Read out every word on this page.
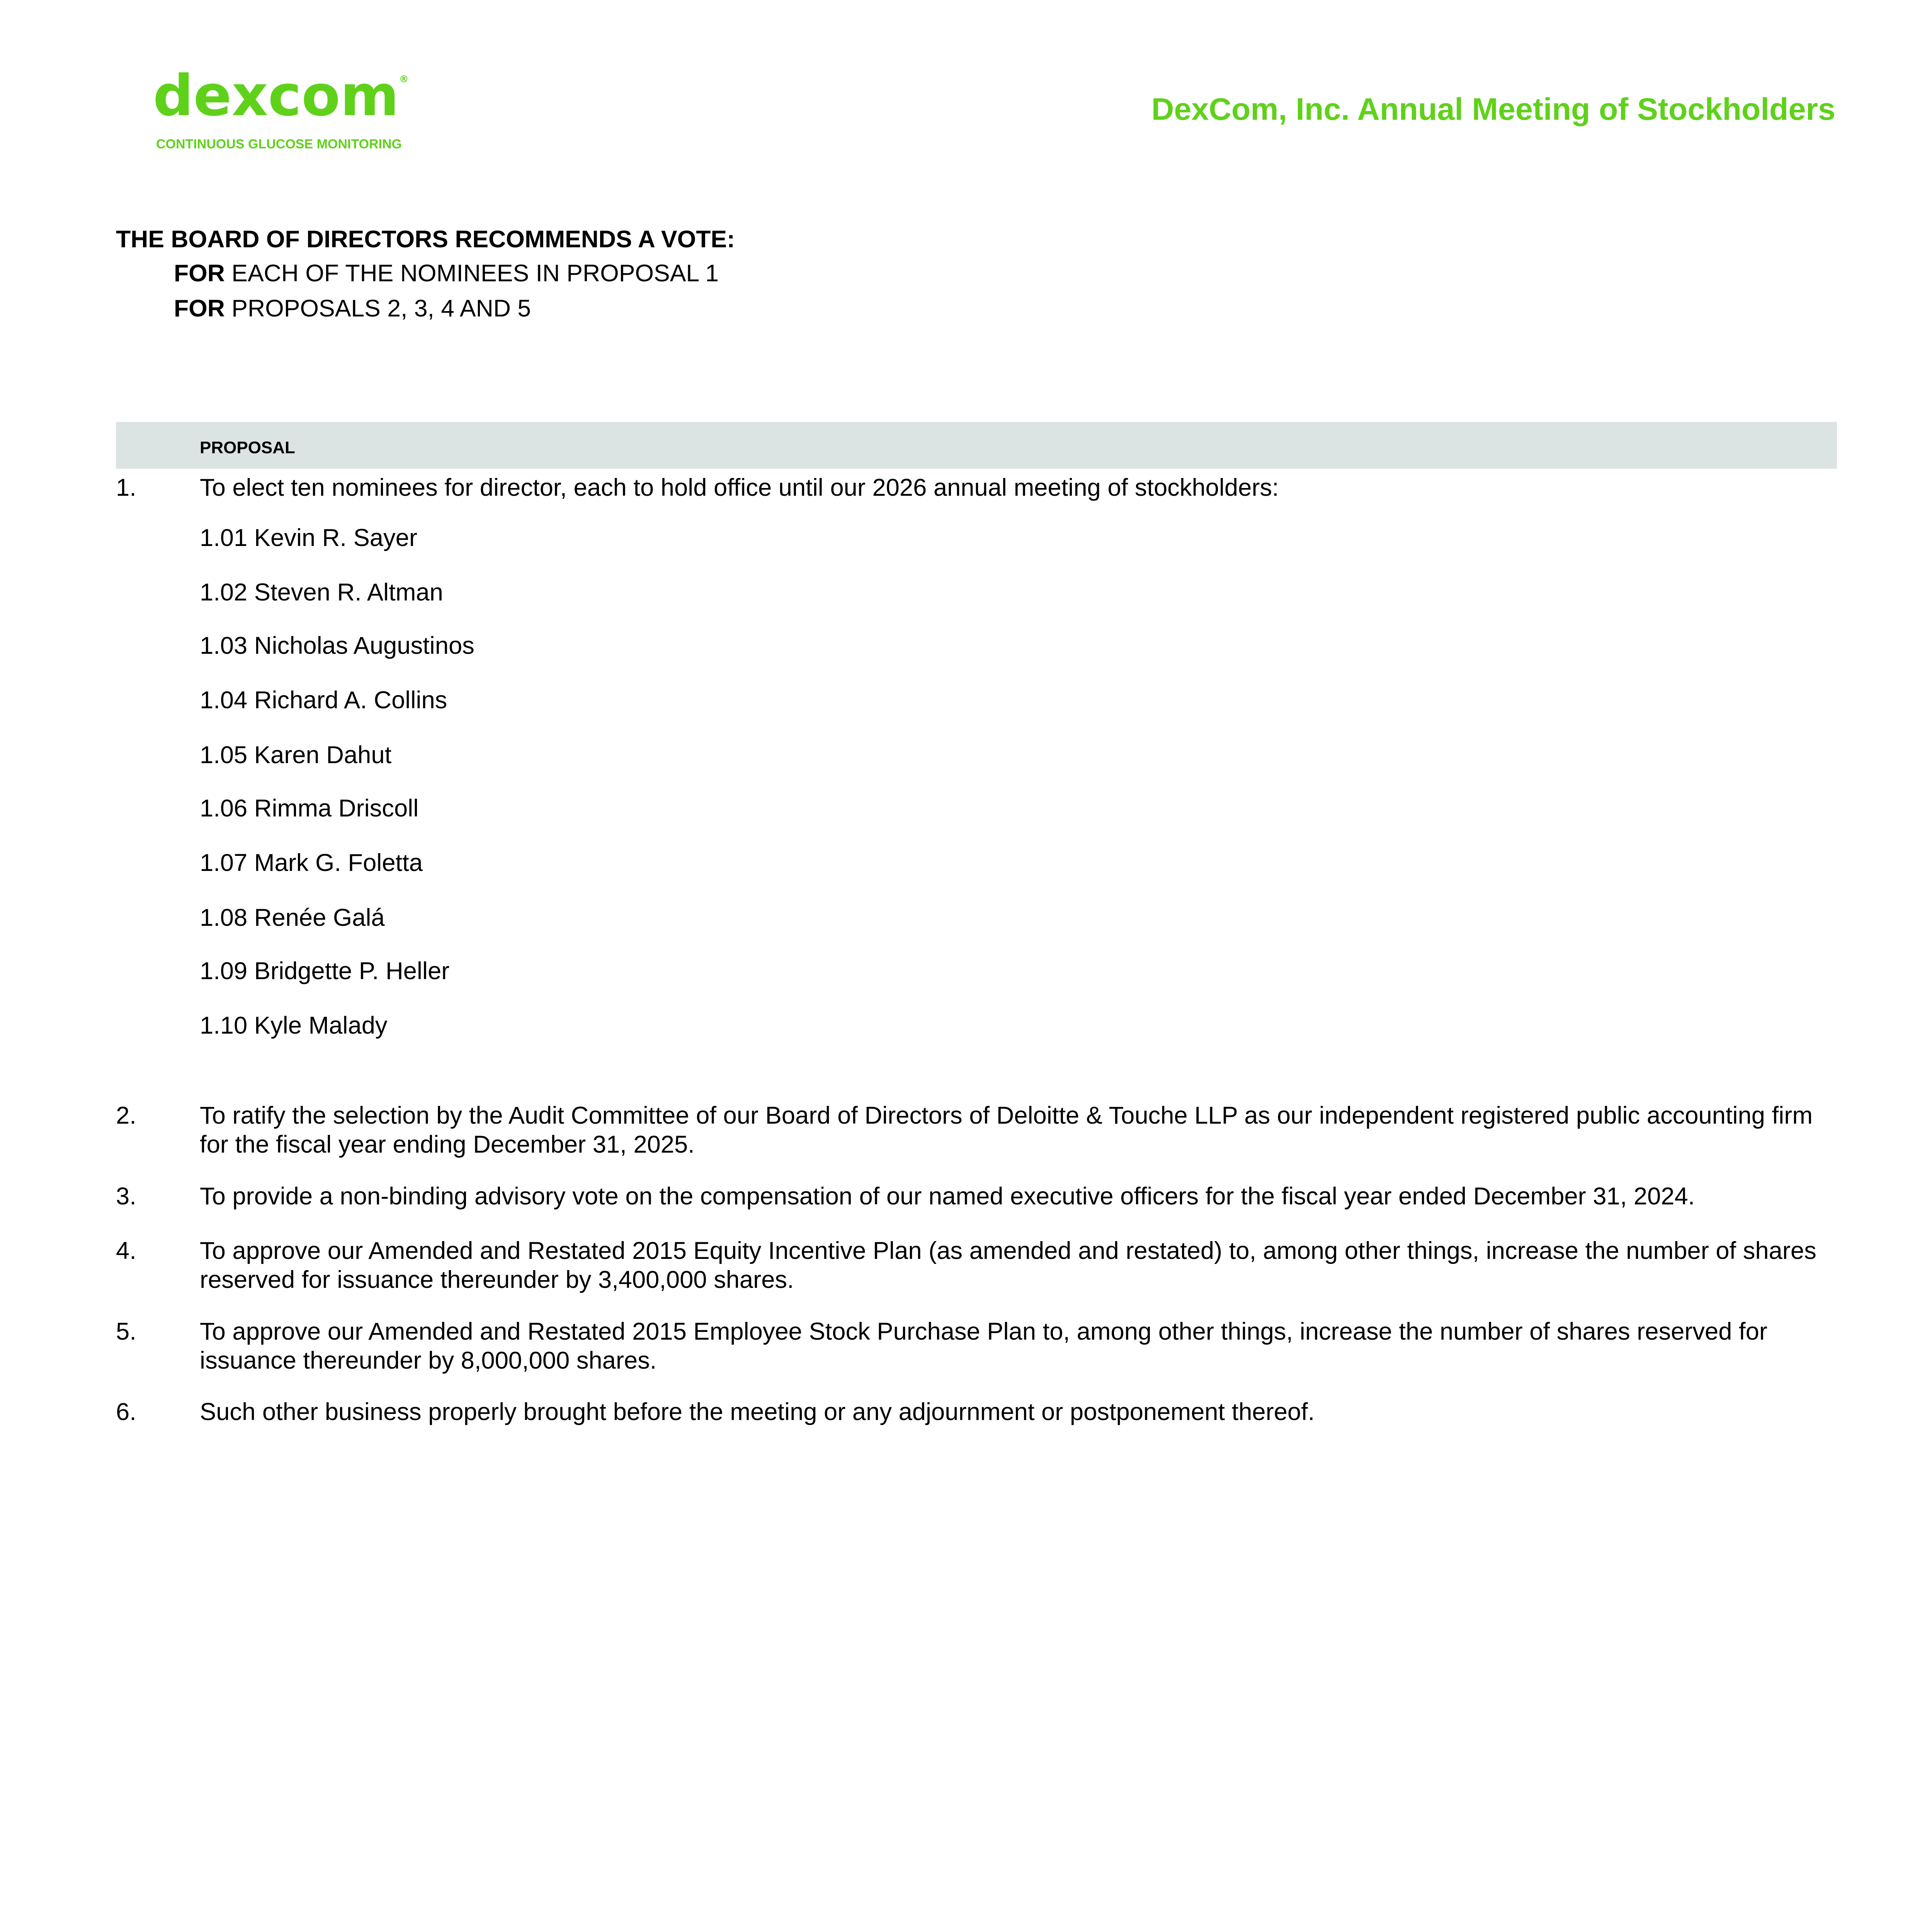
dexcom®
CONTINUOUS GLUCOSE MONITORING
DexCom, Inc. Annual Meeting of Stockholders
THE BOARD OF DIRECTORS RECOMMENDS A VOTE:
FOR EACH OF THE NOMINEES IN PROPOSAL 1
FOR PROPOSALS 2, 3, 4 AND 5
PROPOSAL
1.	To elect ten nominees for director, each to hold office until our 2026 annual meeting of stockholders:
1.01 Kevin R. Sayer
1.02 Steven R. Altman
1.03 Nicholas Augustinos
1.04 Richard A. Collins
1.05 Karen Dahut
1.06 Rimma Driscoll
1.07 Mark G. Foletta
1.08 Renée Galá
1.09 Bridgette P. Heller
1.10 Kyle Malady
2.	To ratify the selection by the Audit Committee of our Board of Directors of Deloitte & Touche LLP as our independent registered public accounting firm for the fiscal year ending December 31, 2025.
3.	To provide a non-binding advisory vote on the compensation of our named executive officers for the fiscal year ended December 31, 2024.
4.	To approve our Amended and Restated 2015 Equity Incentive Plan (as amended and restated) to, among other things, increase the number of shares reserved for issuance thereunder by 3,400,000 shares.
5.	To approve our Amended and Restated 2015 Employee Stock Purchase Plan to, among other things, increase the number of shares reserved for issuance thereunder by 8,000,000 shares.
6.	Such other business properly brought before the meeting or any adjournment or postponement thereof.
